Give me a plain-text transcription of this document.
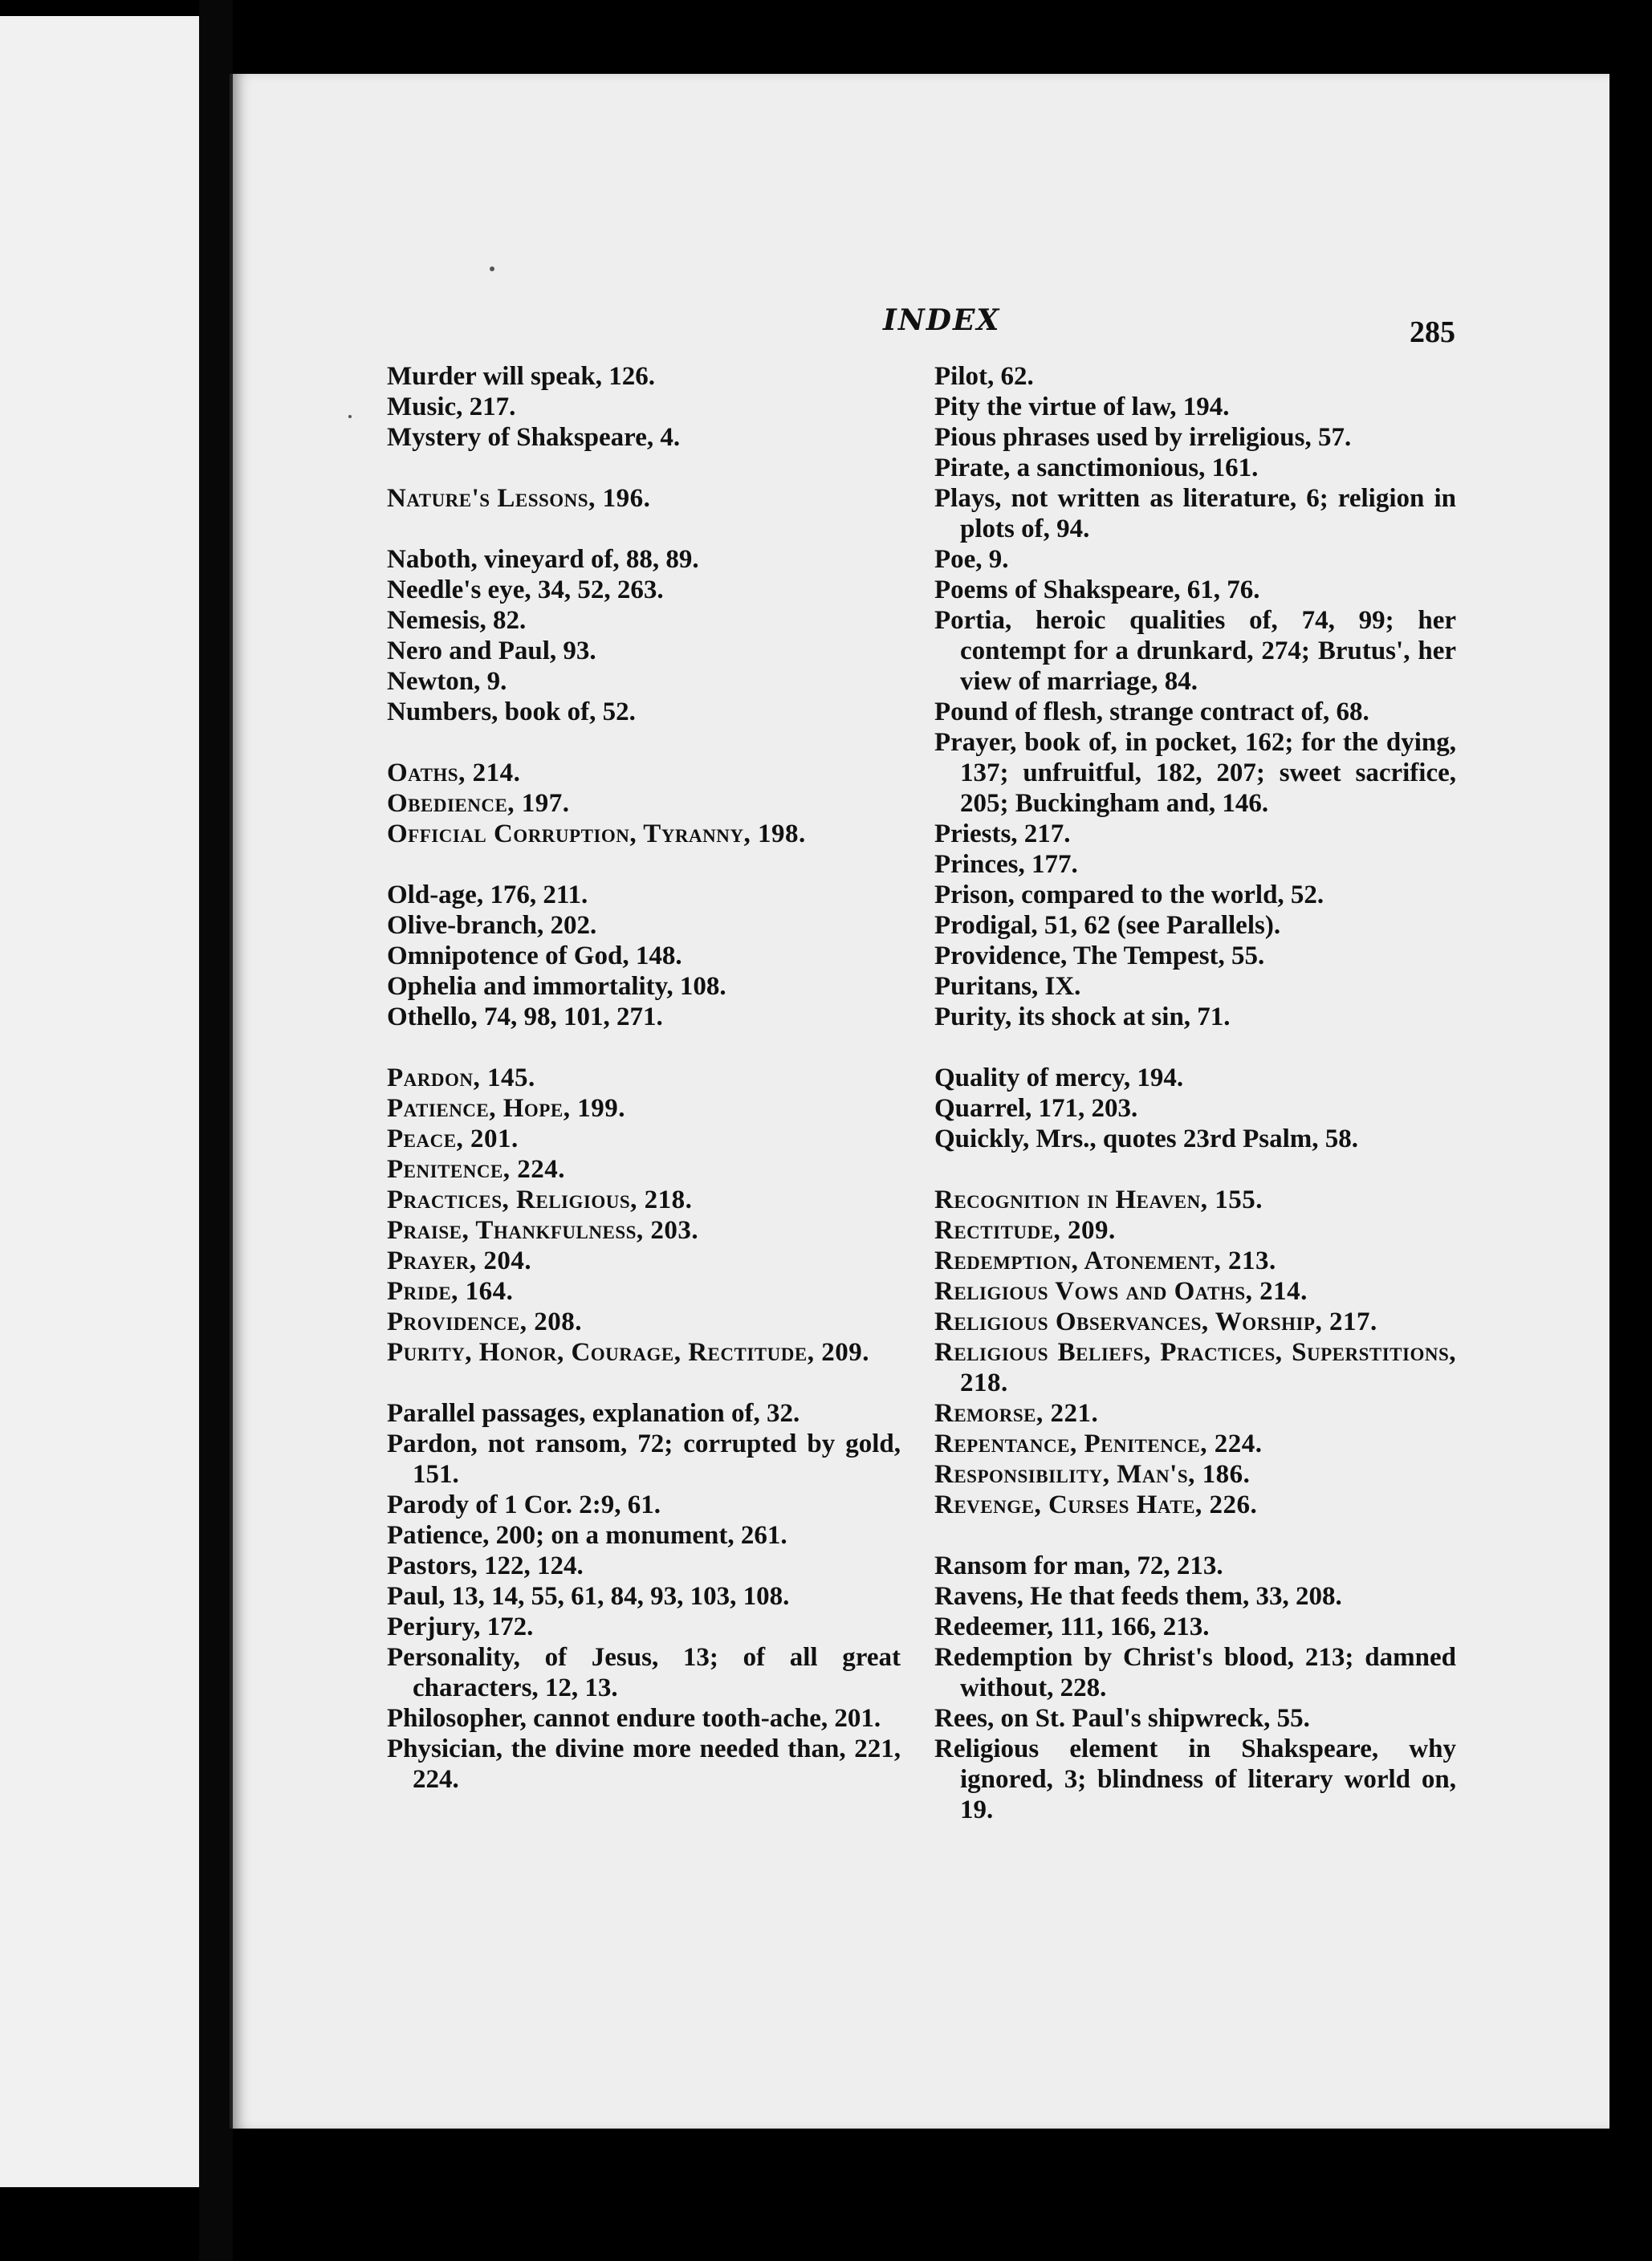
INDEX	285
Murder will speak, 126.
Music, 217.
Mystery of Shakspeare, 4.
Nature's Lessons, 196.
Naboth, vineyard of, 88, 89.
Needle's eye, 34, 52, 263.
Nemesis, 82.
Nero and Paul, 93.
Newton, 9.
Numbers, book of, 52.
Oaths, 214.
Obedience, 197.
Official Corruption, Tyranny, 198.
Old-age, 176, 211.
Olive-branch, 202.
Omnipotence of God, 148.
Ophelia and immortality, 108.
Othello, 74, 98, 101, 271.
Pardon, 145.
Patience, Hope, 199.
Peace, 201.
Penitence, 224.
Practices, Religious, 218.
Praise, Thankfulness, 203.
Prayer, 204.
Pride, 164.
Providence, 208.
Purity, Honor, Courage, Rectitude, 209.
Parallel passages, explanation of, 32.
Pardon, not ransom, 72; corrupted by gold, 151.
Parody of 1 Cor. 2:9, 61.
Patience, 200; on a monument, 261.
Pastors, 122, 124.
Paul, 13, 14, 55, 61, 84, 93, 103, 108.
Perjury, 172.
Personality, of Jesus, 13; of all great characters, 12, 13.
Philosopher, cannot endure tooth-ache, 201.
Physician, the divine more needed than, 221, 224.
Pilot, 62.
Pity the virtue of law, 194.
Pious phrases used by irreligious, 57.
Pirate, a sanctimonious, 161.
Plays, not written as literature, 6; religion in plots of, 94.
Poe, 9.
Poems of Shakspeare, 61, 76.
Portia, heroic qualities of, 74, 99; her contempt for a drunkard, 274; Brutus', her view of marriage, 84.
Pound of flesh, strange contract of, 68.
Prayer, book of, in pocket, 162; for the dying, 137; unfruitful, 182, 207; sweet sacrifice, 205; Buckingham and, 146.
Priests, 217.
Princes, 177.
Prison, compared to the world, 52.
Prodigal, 51, 62 (see Parallels).
Providence, The Tempest, 55.
Puritans, IX.
Purity, its shock at sin, 71.
Quality of mercy, 194.
Quarrel, 171, 203.
Quickly, Mrs., quotes 23rd Psalm, 58.
Recognition in Heaven, 155.
Rectitude, 209.
Redemption, Atonement, 213.
Religious Vows and Oaths, 214.
Religious Observances, Worship, 217.
Religious Beliefs, Practices, Superstitions, 218.
Remorse, 221.
Repentance, Penitence, 224.
Responsibility, Man's, 186.
Revenge, Curses Hate, 226.
Ransom for man, 72, 213.
Ravens, He that feeds them, 33, 208.
Redeemer, 111, 166, 213.
Redemption by Christ's blood, 213; damned without, 228.
Rees, on St. Paul's shipwreck, 55.
Religious element in Shakspeare, why ignored, 3; blindness of literary world on, 19.
